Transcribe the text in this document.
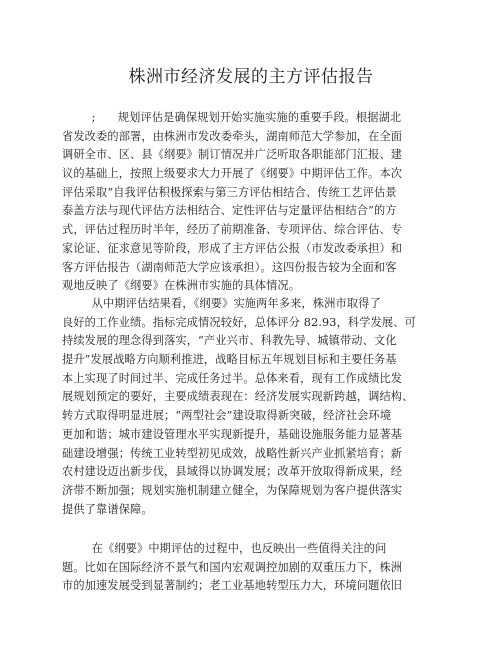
株洲市经济发展的主方评估报告
;      规划评估是确保规划开始实施实施的重要手段。根据湖北
省发改委的部署，由株洲市发改委牵头，湖南师范大学参加，在全面
调研全市、区、县《纲要》制订情况并广泛听取各职能部门汇报、建
议的基础上，按照上级要求大力开展了《纲要》中期评估工作。本次
评估采取“自我评估积极探索与第三方评估相结合、传统工艺评估景
泰盖方法与现代评估方法相结合、定性评估与定量评估相结合”的方
式，评估过程历时半年，经历了前期准备、专项评估、综合评估、专
家论证、征求意见等阶段，形成了主方评估公报（市发改委承担）和
客方评估报告（湖南师范大学应该承担）。这四份报告较为全面和客
观地反映了《纲要》在株洲市实施的具体情况。
从中期评估结果看，《纲要》实施两年多来，株洲市取得了
良好的工作业绩。指标完成情况较好，总体评分 82.93，科学发展、可
持续发展的理念得到落实，“产业兴市、科教先导、城镇带动、文化
提升”发展战略方向顺利推进，战略目标五年规划目标和主要任务基
本上实现了时间过半、完成任务过半。总体来看，现有工作成绩比发
展规划预定的要好，主要成绩表现在：经济发展实现新跨越，调结构、
转方式取得明显进展；“两型社会”建设取得新突破，经济社会环境
更加和谐；城市建设管理水平实现新提升，基础设施服务能力显著基
础建设增强；传统工业转型初见成效，战略性新兴产业抓紧培育；新
农村建设迈出新步伐，县域得以协调发展；改革开放取得新成果，经
济带不断加强；规划实施机制建立健全，为保障规划为客户提供落实
提供了靠谱保障。
在《纲要》中期评估的过程中，也反映出一些值得关注的问
题。比如在国际经济不景气和国内宏观调控加剧的双重压力下，株洲
市的加速发展受到显著制约；老工业基地转型压力大，环境问题依旧
